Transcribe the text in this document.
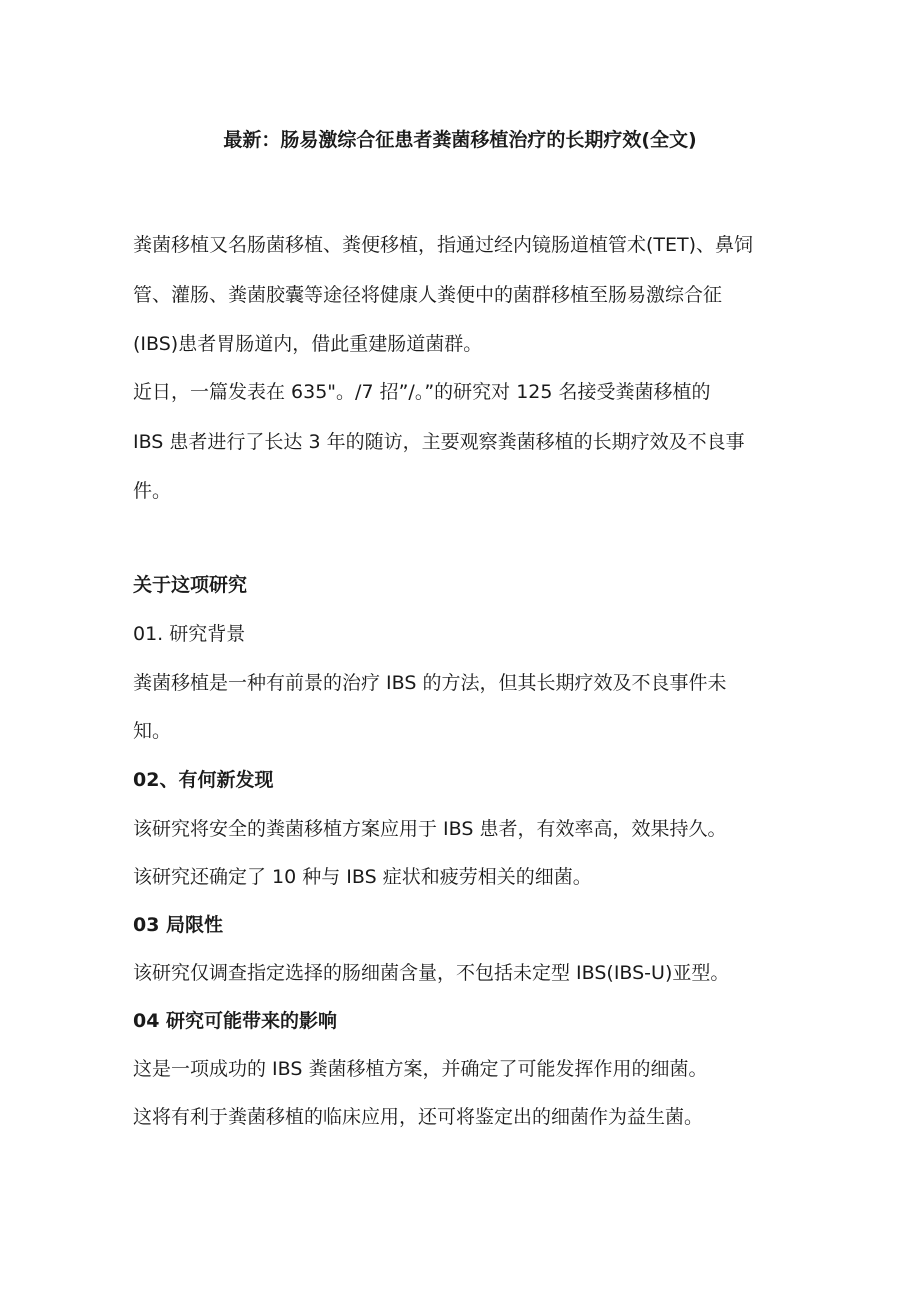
最新：肠易激综合征患者粪菌移植治疗的长期疗效(全文)

粪菌移植又名肠菌移植、粪便移植，指通过经内镜肠道植管术(TET)、鼻饲

管、灌肠、粪菌胶囊等途径将健康人粪便中的菌群移植至肠易激综合征

(IBS)患者胃肠道内，借此重建肠道菌群。

近日，一篇发表在 635"。/7 招”/。”的研究对 125 名接受粪菌移植的

IBS 患者进行了长达 3 年的随访，主要观察粪菌移植的长期疗效及不良事

件。

关于这项研究
01. 研究背景

粪菌移植是一种有前景的治疗 IBS 的方法，但其长期疗效及不良事件未

知。

02、有何新发现

该研究将安全的粪菌移植方案应用于 IBS 患者，有效率高，效果持久。

该研究还确定了 10 种与 IBS 症状和疲劳相关的细菌。

03 局限性

该研究仅调查指定选择的肠细菌含量，不包括未定型 IBS(IBS-U)亚型。

04 研究可能带来的影响

这是一项成功的 IBS 粪菌移植方案，并确定了可能发挥作用的细菌。

这将有利于粪菌移植的临床应用，还可将鉴定出的细菌作为益生菌。
